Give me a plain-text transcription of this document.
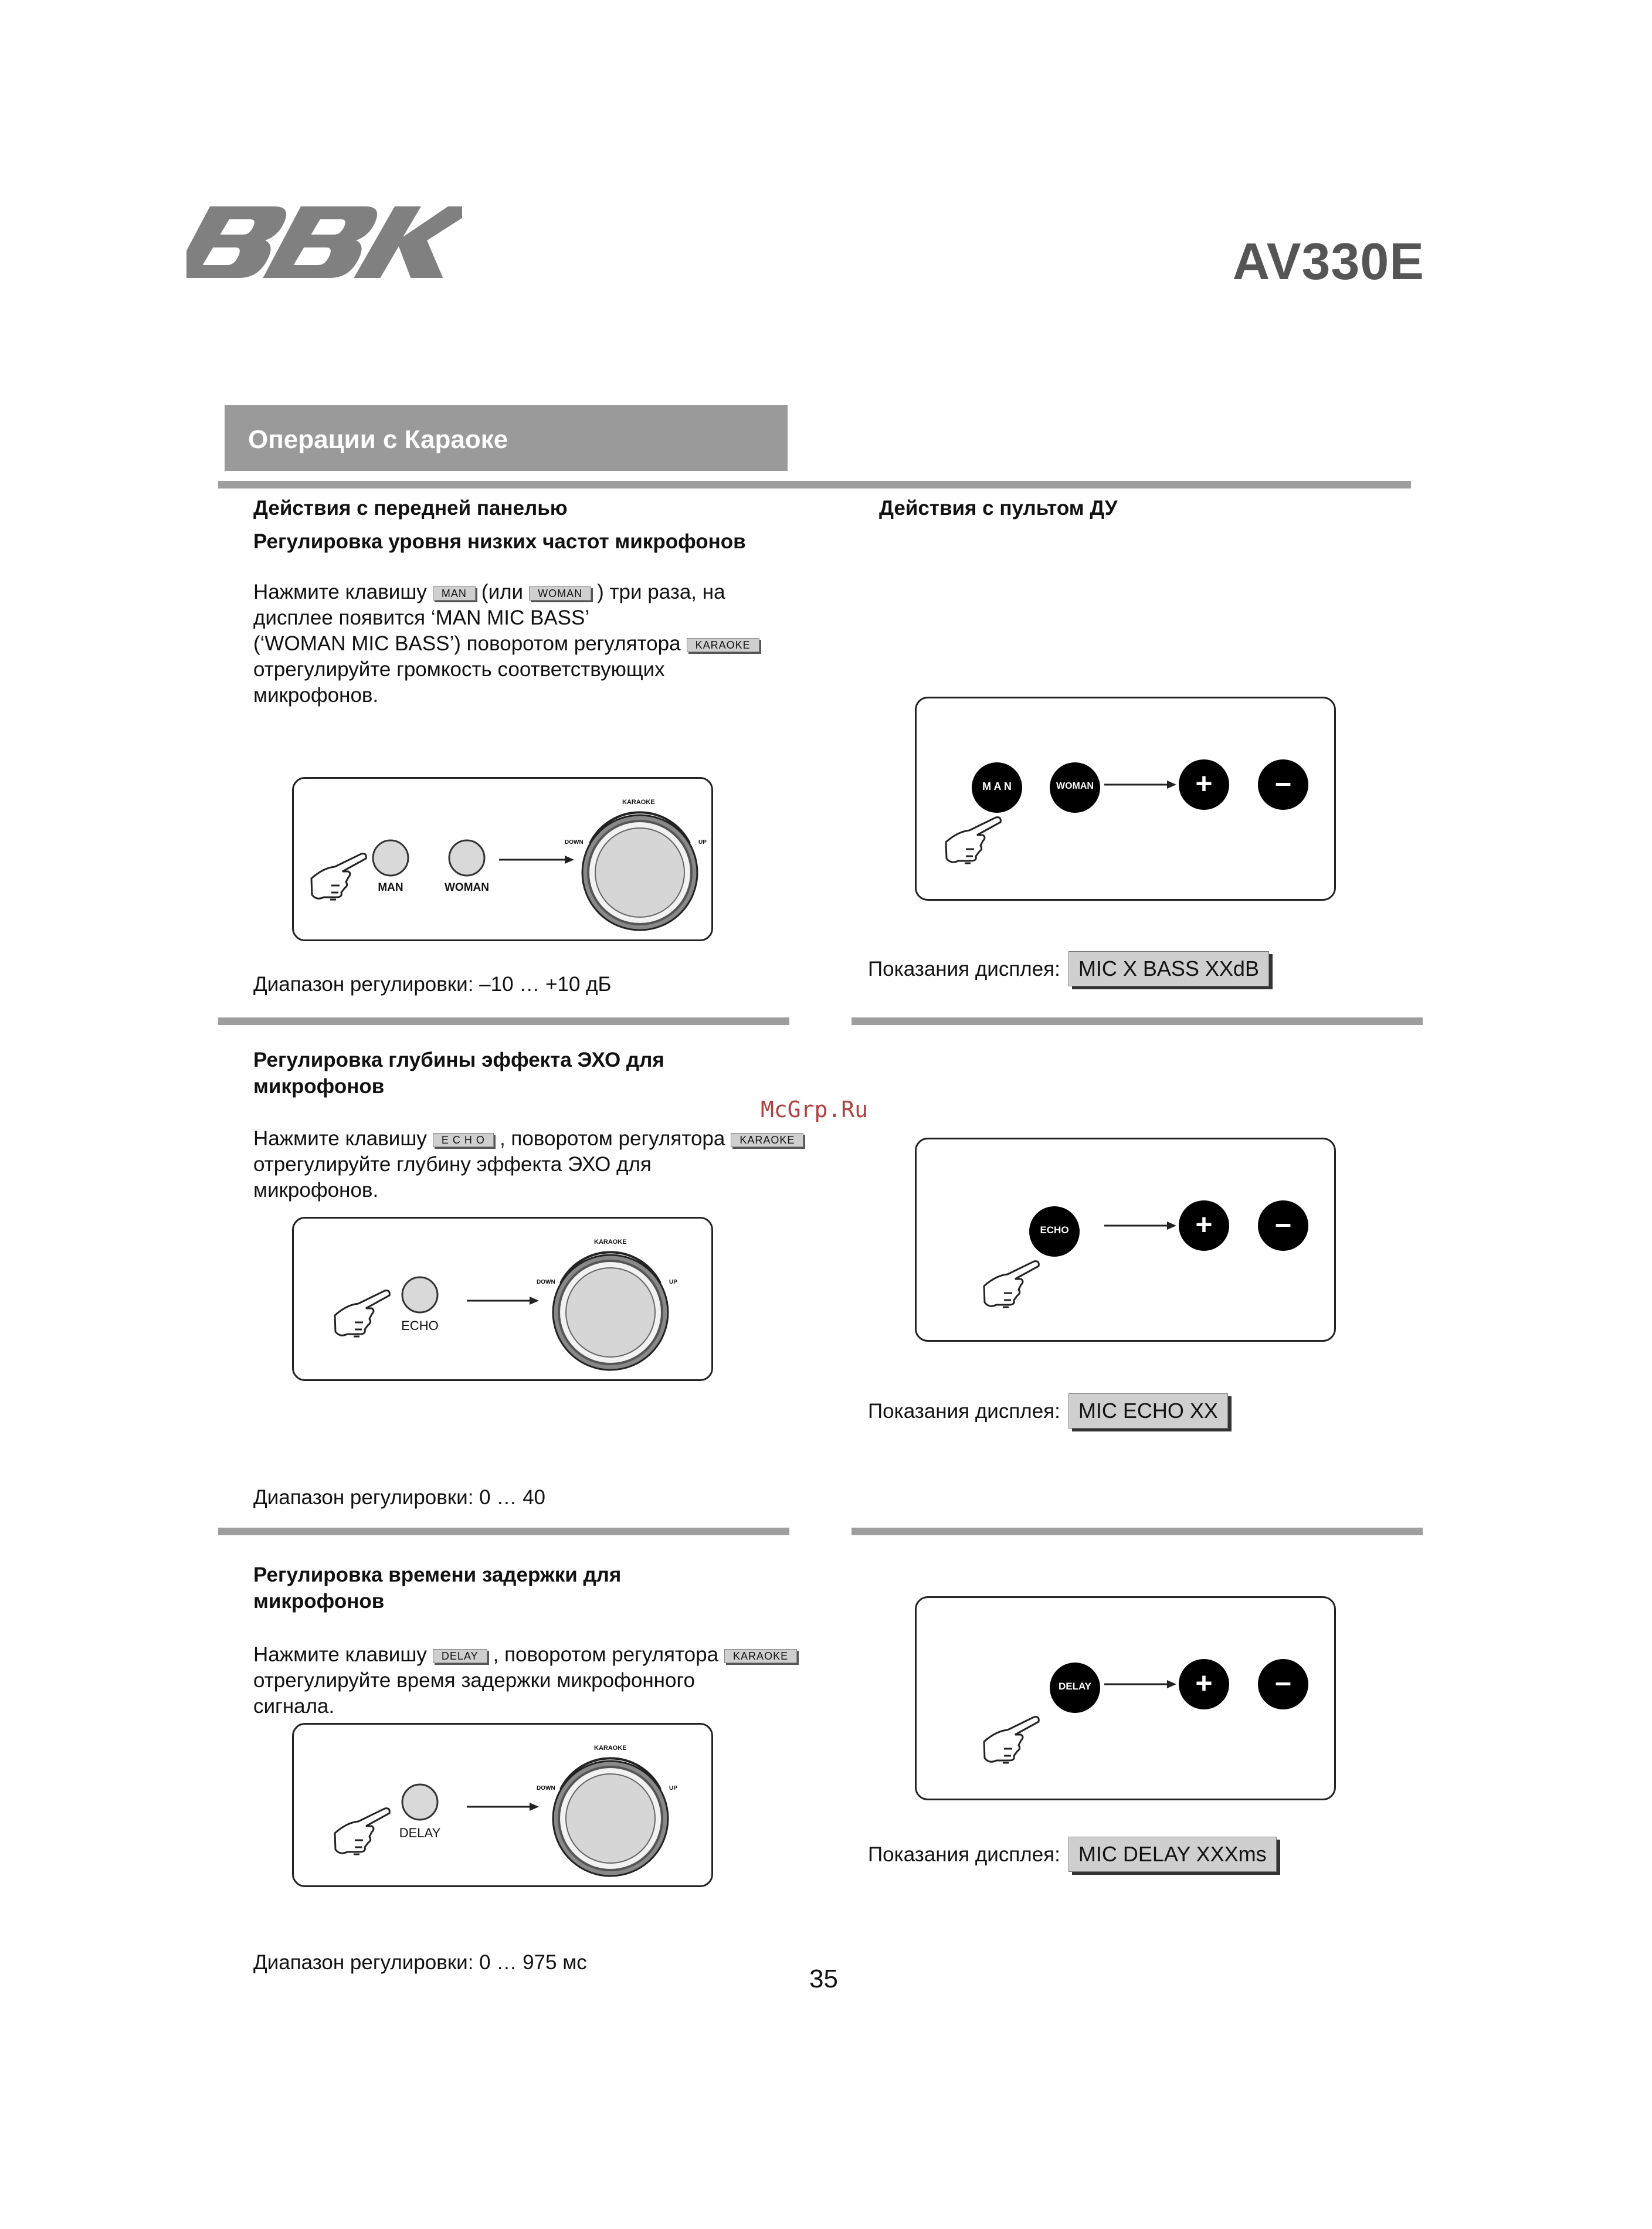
AV330E
Операции с Караоке
Действия с передней панелью	Действия с пультом ДУ
Регулировка уровня низких частот микрофонов
Нажмите клавишу MAN (или WOMAN ) три раза, на
дисплее появится ‘MAN MIC BASS’
(‘WOMAN MIC BASS’) поворотом регулятора KARAOKE
отрегулируйте громкость соответствующих
микрофонов.
MAN	WOMAN
KARAOKE
DOWN	UP
Диапазон регулировки: –10 … +10 дБ
M A N	WOMAN	+	–
Показания дисплея: MIC X BASS XXdB
Регулировка глубины эффекта ЭХО для
микрофонов
McGrp.Ru
Нажмите клавишу E C H O , поворотом регулятора KARAOKE
отрегулируйте глубину эффекта ЭХО для
микрофонов.
ECHO
KARAOKE
DOWN	UP
ECHO	+	–
Показания дисплея: MIC ECHO XX
Диапазон регулировки: 0 … 40
Регулировка времени задержки для
микрофонов
Нажмите клавишу DELAY , поворотом регулятора KARAOKE
отрегулируйте время задержки микрофонного
сигнала.
DELAY
KARAOKE
DOWN	UP
DELAY	+	–
Показания дисплея: MIC DELAY XXXms
Диапазон регулировки: 0 … 975 мс
35
